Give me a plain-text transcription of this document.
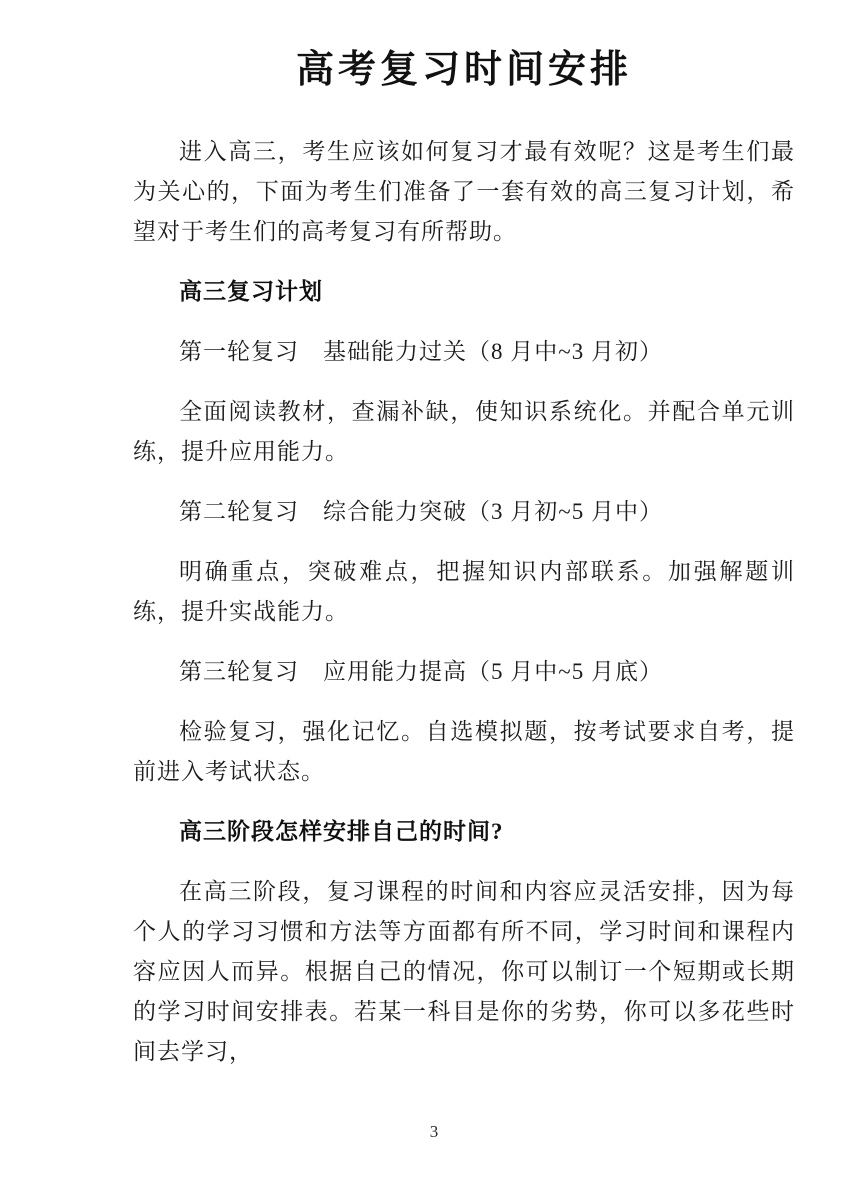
高考复习时间安排

进入高三，考生应该如何复习才最有效呢？这是考生们最为关心的，下面为考生们准备了一套有效的高三复习计划，希望对于考生们的高考复习有所帮助。

高三复习计划

第一轮复习　基础能力过关（8 月中~3 月初）

全面阅读教材，查漏补缺，使知识系统化。并配合单元训练，提升应用能力。

第二轮复习　综合能力突破（3 月初~5 月中）

明确重点，突破难点，把握知识内部联系。加强解题训练，提升实战能力。

第三轮复习　应用能力提高（5 月中~5 月底）

检验复习，强化记忆。自选模拟题，按考试要求自考，提前进入考试状态。

高三阶段怎样安排自己的时间?

在高三阶段，复习课程的时间和内容应灵活安排，因为每个人的学习习惯和方法等方面都有所不同，学习时间和课程内容应因人而异。根据自己的情况，你可以制订一个短期或长期的学习时间安排表。若某一科目是你的劣势，你可以多花些时间去学习，

3
